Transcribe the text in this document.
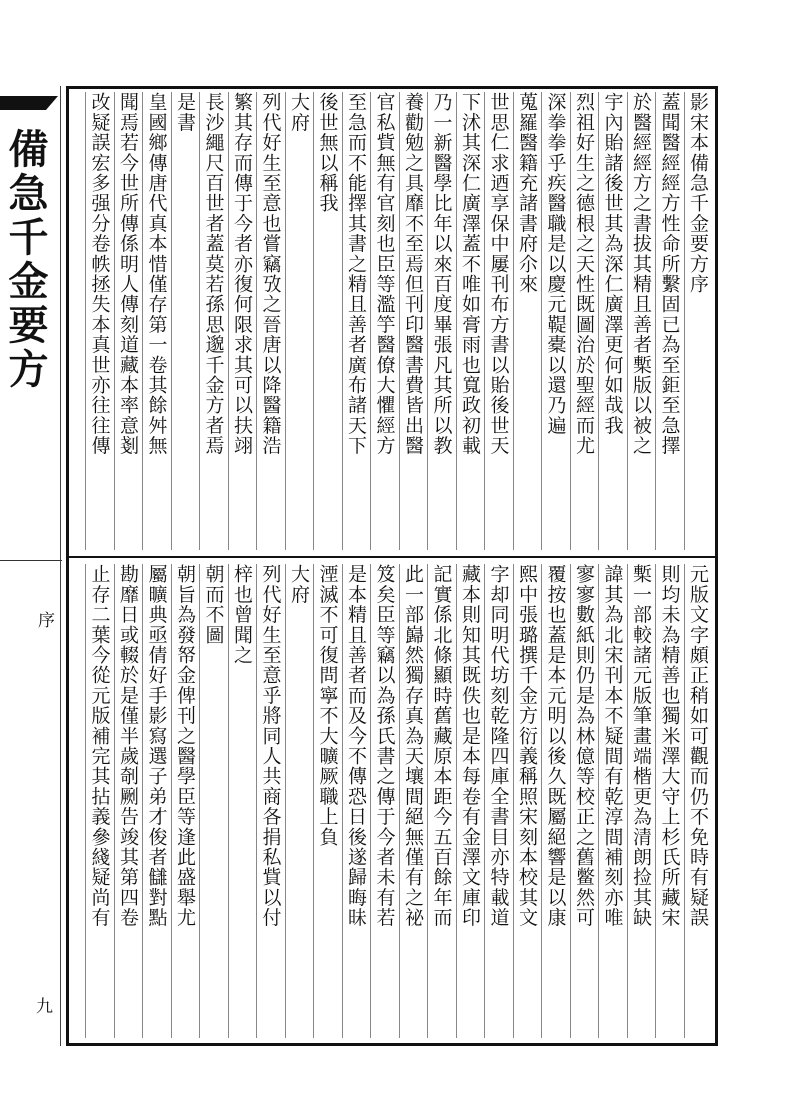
備急千金要方
序
九
影宋本備急千金要方序
蓋聞醫經經方性命所繫固已為至鉅至急擇
於醫經經方之書拔其精且善者槧版以被之
宇內貽諸後世其為深仁廣澤更何如哉我
烈祖好生之德根之天性既圖治於聖經而尤
深拳拳乎疾醫職是以慶元鞮橐以還乃遍
蒐羅醫籍充諸書府尒來
世思仁求迺享保中屢刊布方書以貽後世天
下沭其深仁廣澤蓋不唯如膏雨也寬政初載
乃一新醫學比年以來百度畢張凡其所以教
養勸勉之具靡不至焉但刊印醫書費皆出醫
官私貲無有官刻也臣等濫竽醫僚大懼經方
至急而不能擇其書之精且善者廣布諸天下
後世無以稱我
大府
列代好生至意也嘗竊攷之晉唐以降醫籍浩
繁其存而傳于今者亦復何限求其可以扶翊
長沙繩尺百世者蓋莫若孫思邈千金方者焉
是書
皇國鄉傳唐代真本惜僅存第一卷其餘舛無
聞焉若今世所傳係明人傳刻道藏本率意剗
改疑誤宏多强分卷帙拯失本真世亦往往傳
元版文字頗正稍如可觀而仍不免時有疑誤
則均未為精善也獨米澤大守上杉氏所藏宋
槧一部較諸元版筆畫端楷更為清朗捡其缺
諱其為北宋刊本不疑間有乾淳間補刻亦唯
寥寥數紙則仍是為林億等校正之舊鳖然可
覆按也蓋是本元明以後久既屬絕響是以康
熙中張璐撰千金方衍義稱照宋刻本校其文
字却同明代坊刻乾隆四庫全書目亦特載道
藏本則知其既佚也是本每卷有金澤文庫印
記實係北條顯時舊藏原本距今五百餘年而
此一部巋然獨存真為天壤間絕無僅有之祕
笈矣臣等竊以為孫氏書之傳于今者未有若
是本精且善者而及今不傳恐日後遂歸晦昧
湮滅不可復問寧不大曠厥職上負
大府
列代好生至意乎將同人共商各捐私貲以付
梓也曾聞之
朝而不圖
朝旨為發帑金俾刊之醫學臣等逢此盛舉尤
屬曠典亟倩好手影寫選子弟才俊者讎對點
勘靡日或輟於是僅半歲剞劂告竣其第四卷
止存二葉今從元版補完其拈義參綫疑尚有
